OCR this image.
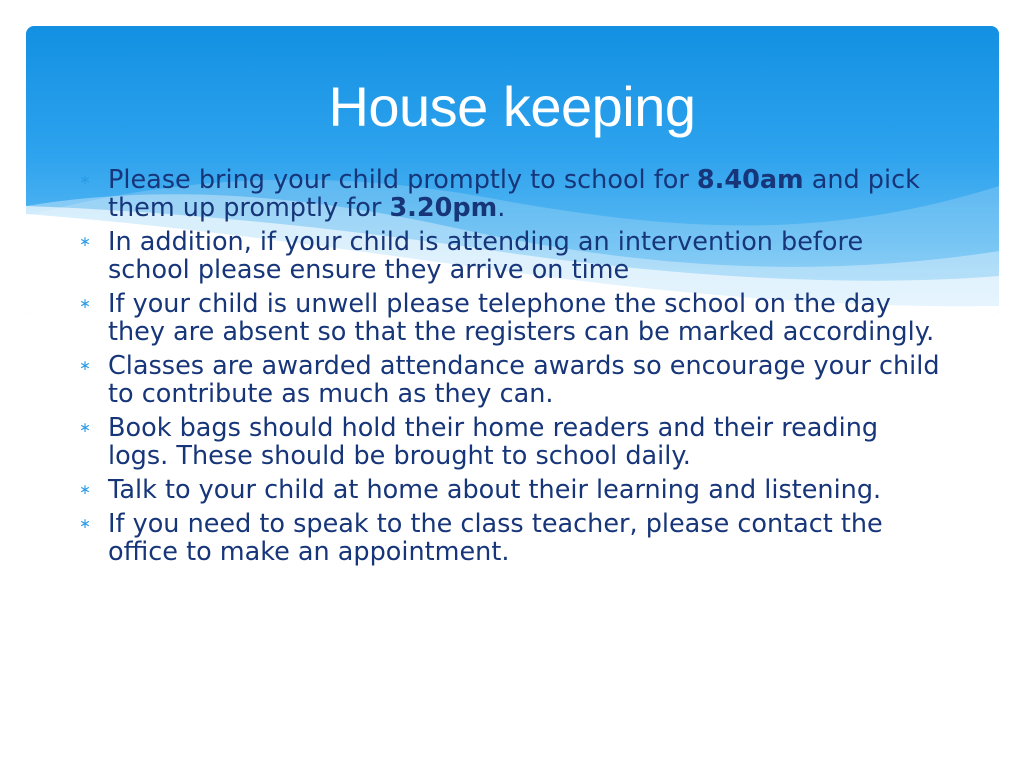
House keeping
∗ Please bring your child promptly to school for 8.40am and pick them up promptly for 3.20pm.
∗ In addition, if your child is attending an intervention before school please ensure they arrive on time
∗ If your child is unwell please telephone the school on the day they are absent so that the registers can be marked accordingly.
∗ Classes are awarded attendance awards so encourage your child to contribute as much as they can.
∗ Book bags should hold their home readers and their reading logs. These should be brought to school daily.
∗ Talk to your child at home about their learning and listening.
∗ If you need to speak to the class teacher, please contact the office to make an appointment.
